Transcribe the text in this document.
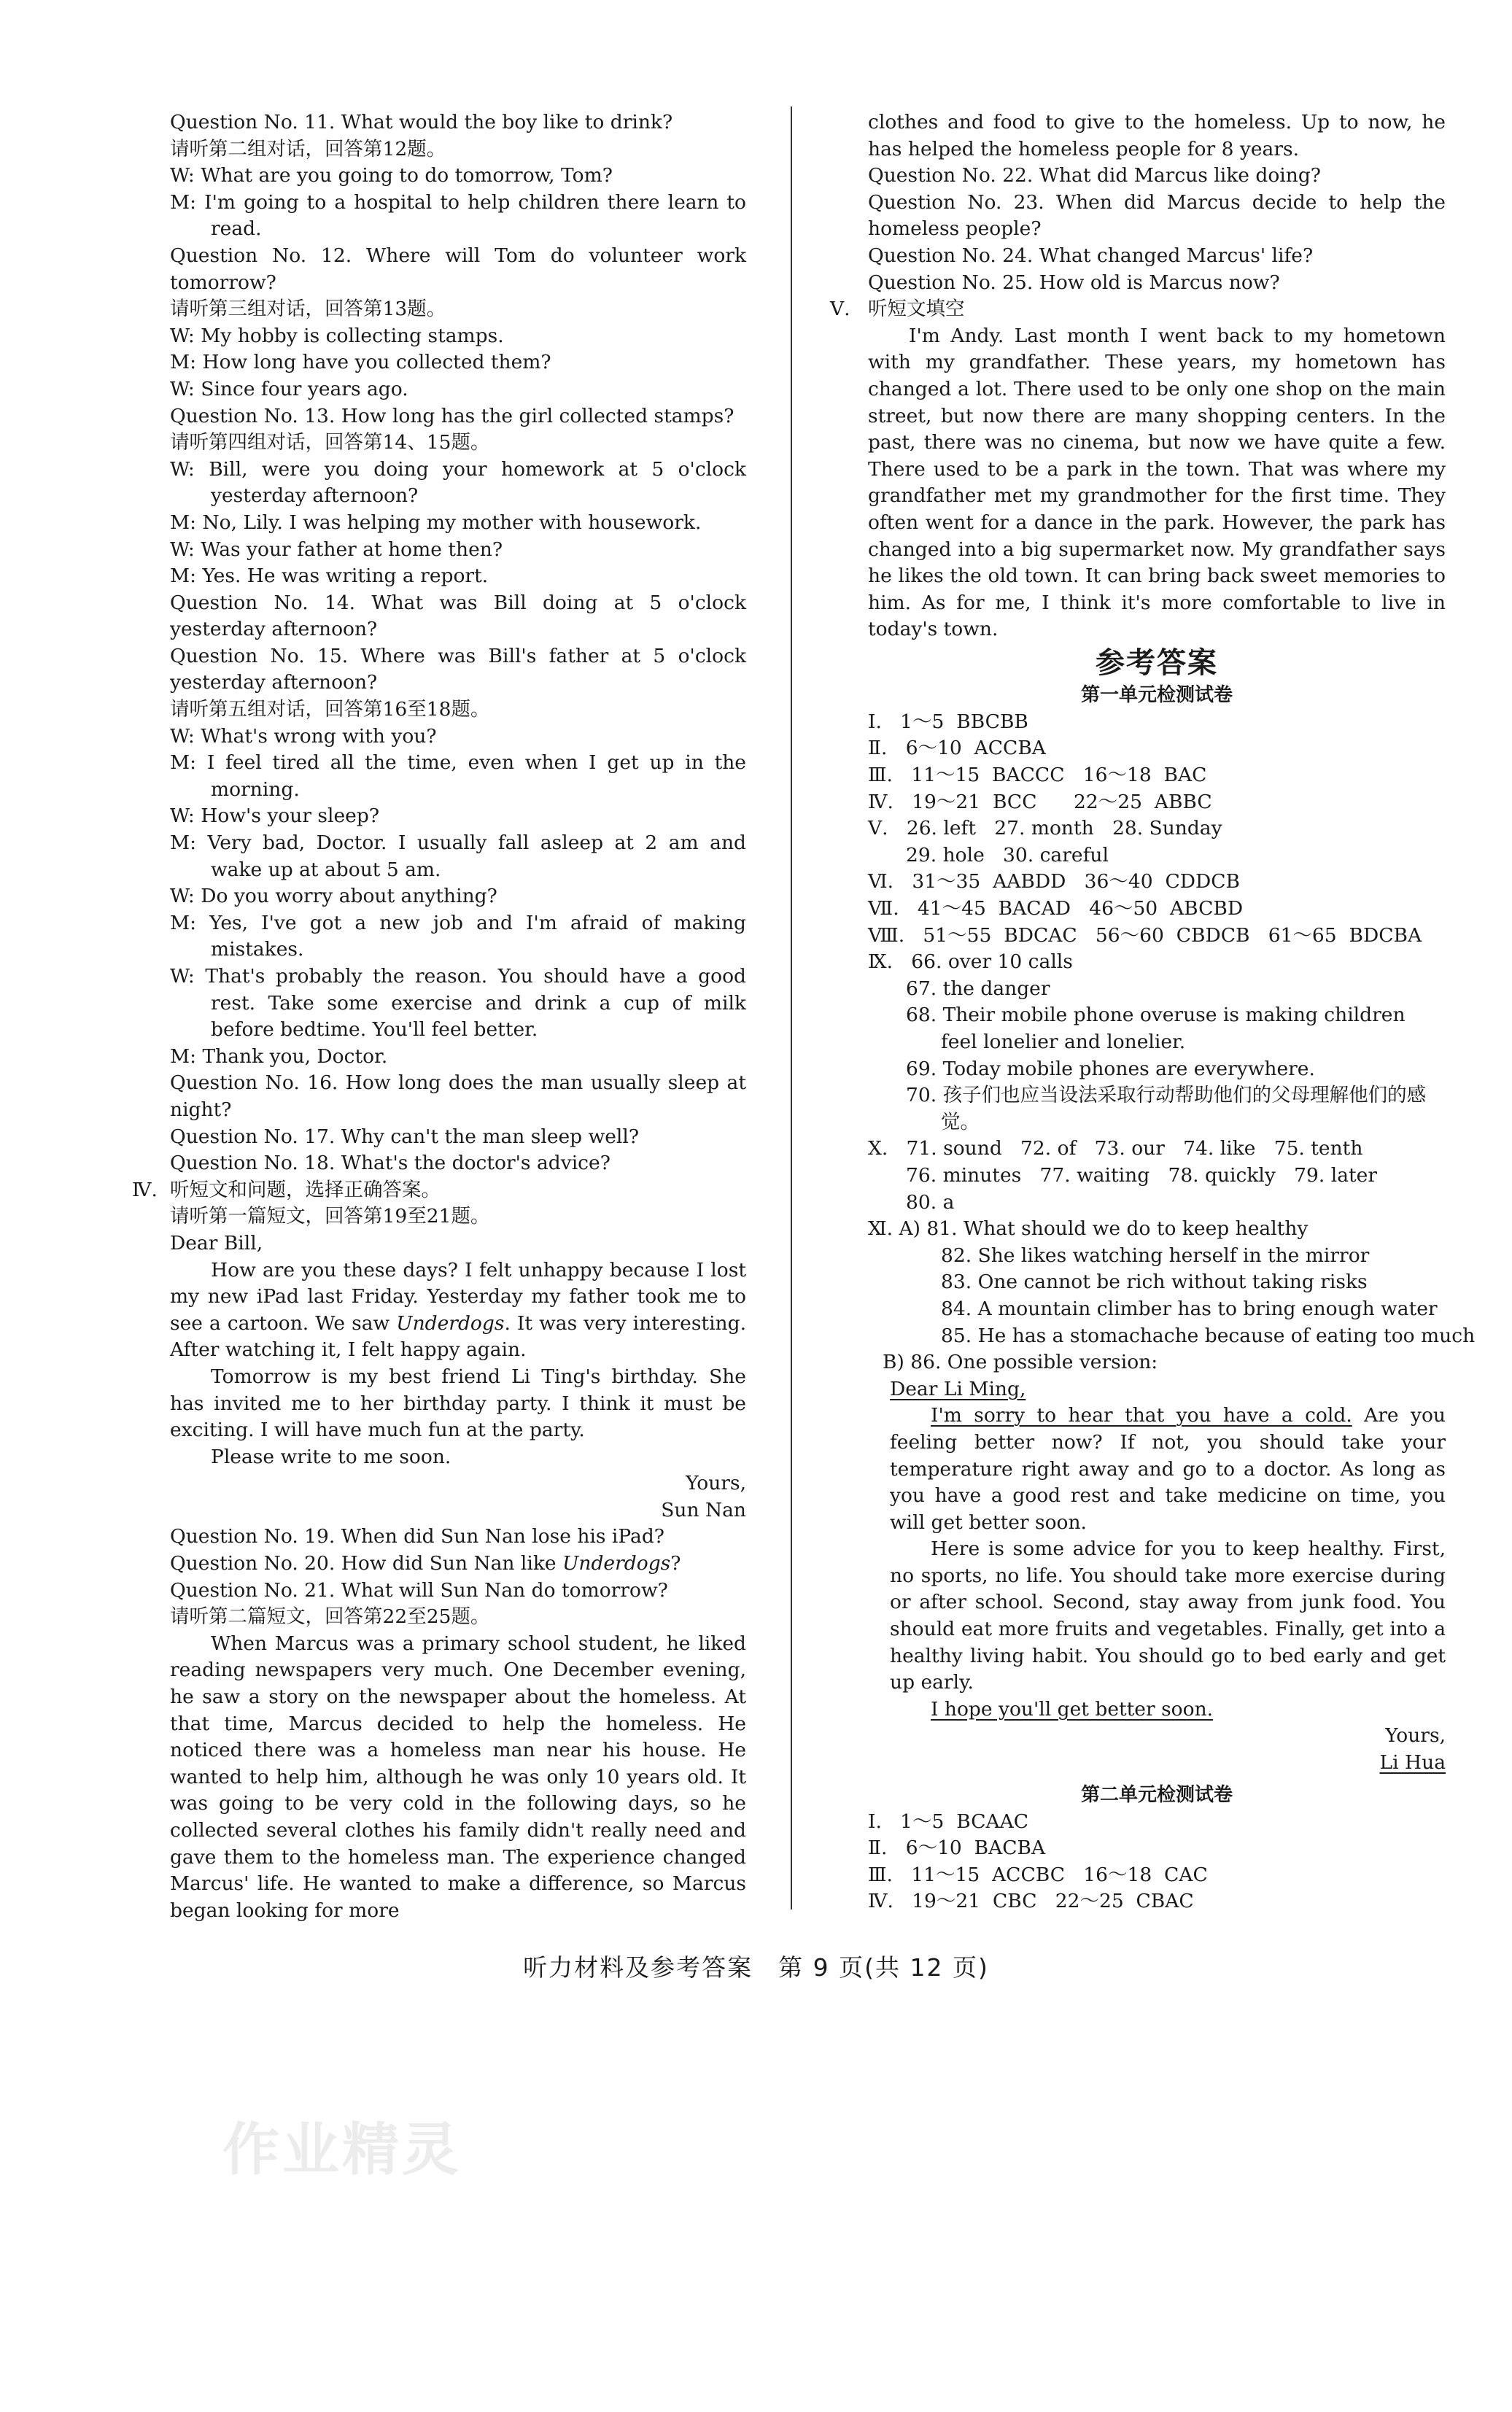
Question No. 11. What would the boy like to drink?

请听第二组对话，回答第12题。

W: What are you going to do tomorrow, Tom?

M: I'm going to a hospital to help children there learn to read.

Question No. 12. Where will Tom do volunteer work tomorrow?

请听第三组对话，回答第13题。

W: My hobby is collecting stamps.

M: How long have you collected them?

W: Since four years ago.

Question No. 13. How long has the girl collected stamps?

请听第四组对话，回答第14、15题。

W: Bill, were you doing your homework at 5 o'clock yesterday afternoon?

M: No, Lily. I was helping my mother with housework.

W: Was your father at home then?

M: Yes. He was writing a report.

Question No. 14. What was Bill doing at 5 o'clock yesterday afternoon?

Question No. 15. Where was Bill's father at 5 o'clock yesterday afternoon?

请听第五组对话，回答第16至18题。

W: What's wrong with you?

M: I feel tired all the time, even when I get up in the morning.

W: How's your sleep?

M: Very bad, Doctor. I usually fall asleep at 2 am and wake up at about 5 am.

W: Do you worry about anything?

M: Yes, I've got a new job and I'm afraid of making mistakes.

W: That's probably the reason. You should have a good rest. Take some exercise and drink a cup of milk before bedtime. You'll feel better.

M: Thank you, Doctor.

Question No. 16. How long does the man usually sleep at night?

Question No. 17. Why can't the man sleep well?

Question No. 18. What's the doctor's advice?

Ⅳ. 听短文和问题，选择正确答案。

请听第一篇短文，回答第19至21题。

Dear Bill,

How are you these days? I felt unhappy because I lost my new iPad last Friday. Yesterday my father took me to see a cartoon. We saw Underdogs. It was very interesting. After watching it, I felt happy again.

Tomorrow is my best friend Li Ting's birthday. She has invited me to her birthday party. I think it must be exciting. I will have much fun at the party.

Please write to me soon.

Yours,

Sun Nan

Question No. 19. When did Sun Nan lose his iPad?

Question No. 20. How did Sun Nan like Underdogs?

Question No. 21. What will Sun Nan do tomorrow?

请听第二篇短文，回答第22至25题。

When Marcus was a primary school student, he liked reading newspapers very much. One December evening, he saw a story on the newspaper about the homeless. At that time, Marcus decided to help the homeless. He noticed there was a homeless man near his house. He wanted to help him, although he was only 10 years old. It was going to be very cold in the following days, so he collected several clothes his family didn't really need and gave them to the homeless man. The experience changed Marcus' life. He wanted to make a difference, so Marcus began looking for more

clothes and food to give to the homeless. Up to now, he has helped the homeless people for 8 years.

Question No. 22. What did Marcus like doing?

Question No. 23. When did Marcus decide to help the homeless people?

Question No. 24. What changed Marcus' life?

Question No. 25. How old is Marcus now?

Ⅴ. 听短文填空

I'm Andy. Last month I went back to my hometown with my grandfather. These years, my hometown has changed a lot. There used to be only one shop on the main street, but now there are many shopping centers. In the past, there was no cinema, but now we have quite a few. There used to be a park in the town. That was where my grandfather met my grandmother for the first time. They often went for a dance in the park. However, the park has changed into a big supermarket now. My grandfather says he likes the old town. It can bring back sweet memories to him. As for me, I think it's more comfortable to live in today's town.

参考答案

第一单元检测试卷

Ⅰ.   1～5  BBCBB

Ⅱ.   6～10  ACCBA

Ⅲ.   11～15  BACCC   16～18  BAC

Ⅳ.   19～21  BCC      22～25  ABBC

Ⅴ.   26. left   27. month   28. Sunday

29. hole   30. careful

Ⅵ.   31～35  AABDD   36～40  CDDCB

Ⅶ.   41～45  BACAD   46～50  ABCBD

Ⅷ.   51～55  BDCAC   56～60  CBDCB   61～65  BDCBA

Ⅸ.   66. over 10 calls

67. the danger

68. Their mobile phone overuse is making children feel lonelier and lonelier.

69. Today mobile phones are everywhere.

70. 孩子们也应当设法采取行动帮助他们的父母理解他们的感觉。

Ⅹ.   71. sound   72. of   73. our   74. like   75. tenth

76. minutes   77. waiting   78. quickly   79. later

80. a

Ⅺ. A) 81. What should we do to keep healthy

82. She likes watching herself in the mirror

83. One cannot be rich without taking risks

84. A mountain climber has to bring enough water

85. He has a stomachache because of eating too much

B) 86. One possible version:

Dear Li Ming,

I'm sorry to hear that you have a cold. Are you feeling better now? If not, you should take your temperature right away and go to a doctor. As long as you have a good rest and take medicine on time, you will get better soon.

Here is some advice for you to keep healthy. First, no sports, no life. You should take more exercise during or after school. Second, stay away from junk food. You should eat more fruits and vegetables. Finally, get into a healthy living habit. You should go to bed early and get up early.

I hope you'll get better soon.

Yours,

Li Hua

第二单元检测试卷

Ⅰ.   1～5  BCAAC

Ⅱ.   6～10  BACBA

Ⅲ.   11～15  ACCBC   16～18  CAC

Ⅳ.   19～21  CBC   22～25  CBAC

听力材料及参考答案　第 9 页(共 12 页)
作业精灵
